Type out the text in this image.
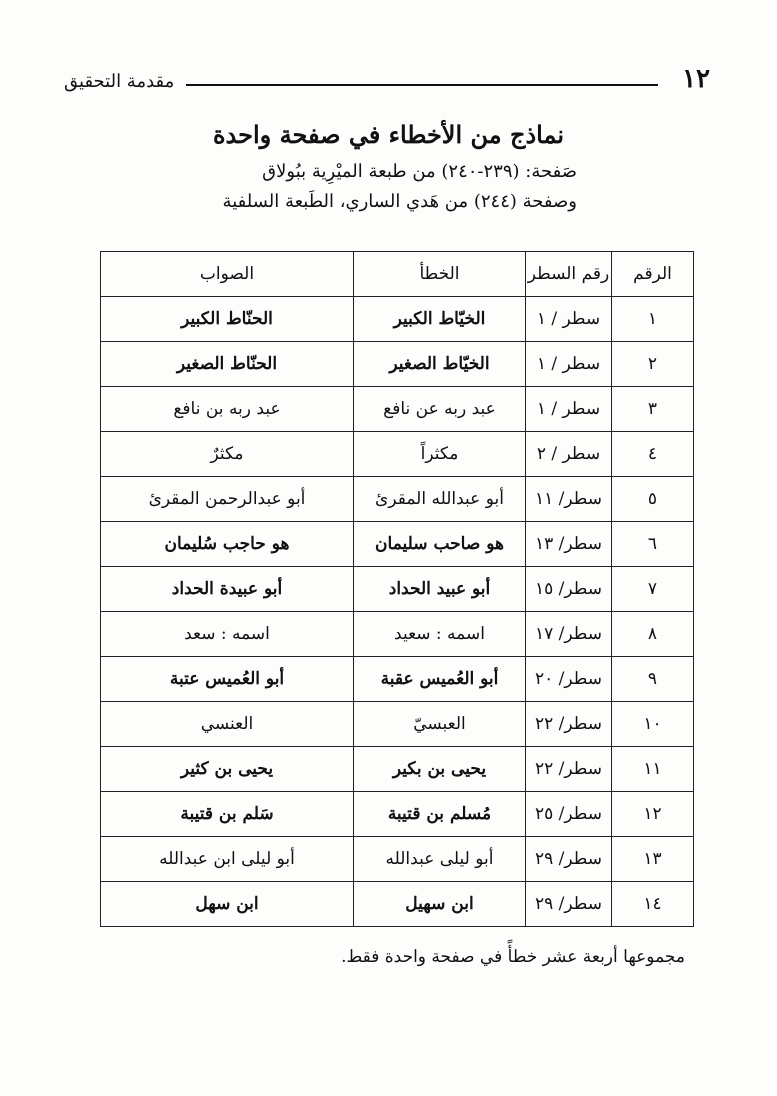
١٢
مقدمة التحقيق
نماذج من الأخطاء في صفحة واحدة
صَفحة: (٢٣٩-٢٤٠) من طبعة الميْرِية ببُولاق
وصفحة (٢٤٤) من هَدي الساري، الطَبعة السلفية
الرقم	رقم السطر	الخطأ	الصواب
١	سطر / ١	الخيّاط الكبير	الحنّاط الكبير
٢	سطر / ١	الخيّاط الصغير	الحنّاط الصغير
٣	سطر / ١	عبد ربه عن نافع	عبد ربه بن نافع
٤	سطر / ٢	مكثراً	مكثرٌ
٥	سطر/ ١١	أبو عبدالله المقرئ	أبو عبدالرحمن المقرئ
٦	سطر/ ١٣	هو صاحب سليمان	هو حاجب سُليمان
٧	سطر/ ١٥	أبو عبيد الحداد	أبو عبيدة الحداد
٨	سطر/ ١٧	اسمه : سعيد	اسمه : سعد
٩	سطر/ ٢٠	أبو العُميس عقبة	أبو العُميس عتبة
١٠	سطر/ ٢٢	العبسيّ	العنسي
١١	سطر/ ٢٢	يحيى بن بكير	يحيى بن كثير
١٢	سطر/ ٢٥	مُسلم بن قتيبة	سَلم بن قتيبة
١٣	سطر/ ٢٩	أبو ليلى عبدالله	أبو ليلى ابن عبدالله
١٤	سطر/ ٢٩	ابن سهيل	ابن سهل
مجموعها أربعة عشر خطأً في صفحة واحدة فقط.
